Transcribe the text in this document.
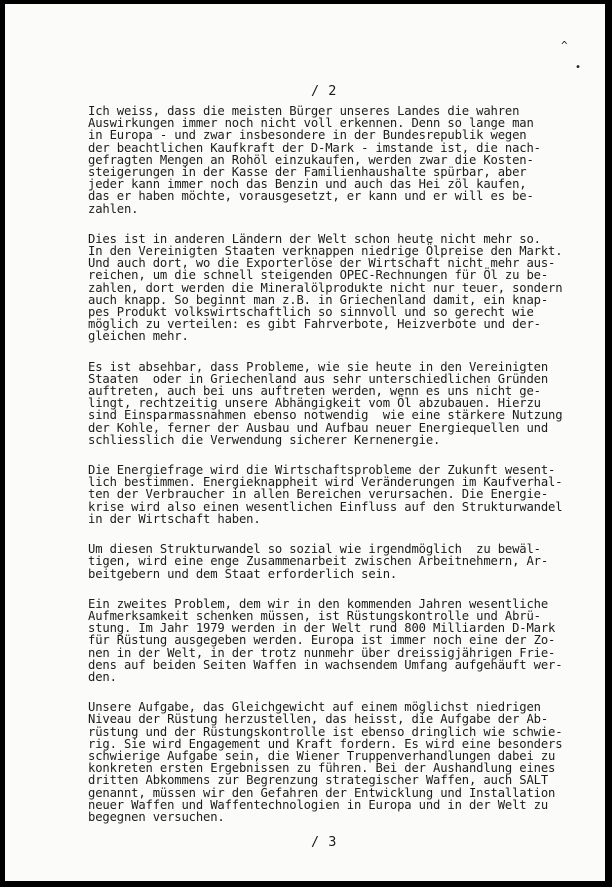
^
•
/ 2
Ich weiss, dass die meisten Bürger unseres Landes die wahren
Auswirkungen immer noch nicht voll erkennen. Denn so lange man
in Europa - und zwar insbesondere in der Bundesrepublik wegen
der beachtlichen Kaufkraft der D-Mark - imstande ist, die nach-
gefragten Mengen an Rohöl einzukaufen, werden zwar die Kosten-
steigerungen in der Kasse der Familienhaushalte spürbar, aber
jeder kann immer noch das Benzin und auch das Hei zöl kaufen,
das er haben möchte, vorausgesetzt, er kann und er will es be-
zahlen.
Dies ist in anderen Ländern der Welt schon heute nicht mehr so.
In den Vereinigten Staaten verknappen niedrige Ölpreise den Markt.
Und auch dort, wo die Exporterlöse der Wirtschaft nicht mehr aus-
reichen, um die schnell steigenden OPEC-Rechnungen für Öl zu be-
zahlen, dort werden die Mineralölprodukte nicht nur teuer, sondern
auch knapp. So beginnt man z.B. in Griechenland damit, ein knap-
pes Produkt volkswirtschaftlich so sinnvoll und so gerecht wie
möglich zu verteilen: es gibt Fahrverbote, Heizverbote und der-
gleichen mehr.
Es ist absehbar, dass Probleme, wie sie heute in den Vereinigten
Staaten  oder in Griechenland aus sehr unterschiedlichen Gründen
auftreten, auch bei uns auftreten werden, wenn es uns nicht ge-
lingt, rechtzeitig unsere Abhängigkeit vom Öl abzubauen. Hierzu
sind Einsparmassnahmen ebenso notwendig  wie eine stärkere Nutzung
der Kohle, ferner der Ausbau und Aufbau neuer Energiequellen und
schliesslich die Verwendung sicherer Kernenergie.
Die Energiefrage wird die Wirtschaftsprobleme der Zukunft wesent-
lich bestimmen. Energieknappheit wird Veränderungen im Kaufverhal-
ten der Verbraucher in allen Bereichen verursachen. Die Energie-
krise wird also einen wesentlichen Einfluss auf den Strukturwandel
in der Wirtschaft haben.
Um diesen Strukturwandel so sozial wie irgendmöglich  zu bewäl-
tigen, wird eine enge Zusammenarbeit zwischen Arbeitnehmern, Ar-
beitgebern und dem Staat erforderlich sein.
Ein zweites Problem, dem wir in den kommenden Jahren wesentliche
Aufmerksamkeit schenken müssen, ist Rüstungskontrolle und Abrü-
stung. Im Jahr 1979 werden in der Welt rund 800 Milliarden D-Mark
für Rüstung ausgegeben werden. Europa ist immer noch eine der Zo-
nen in der Welt, in der trotz nunmehr über dreissigjährigen Frie-
dens auf beiden Seiten Waffen in wachsendem Umfang aufgehäuft wer-
den.
Unsere Aufgabe, das Gleichgewicht auf einem möglichst niedrigen
Niveau der Rüstung herzustellen, das heisst, die Aufgabe der Ab-
rüstung und der Rüstungskontrolle ist ebenso dringlich wie schwie-
rig. Sie wird Engagement und Kraft fordern. Es wird eine besonders
schwierige Aufgabe sein, die Wiener Truppenverhandlungen dabei zu
konkreten ersten Ergebnissen zu führen. Bei der Aushandlung eines
dritten Abkommens zur Begrenzung strategischer Waffen, auch SALT
genannt, müssen wir den Gefahren der Entwicklung und Installation
neuer Waffen und Waffentechnologien in Europa und in der Welt zu
begegnen versuchen.
/ 3
